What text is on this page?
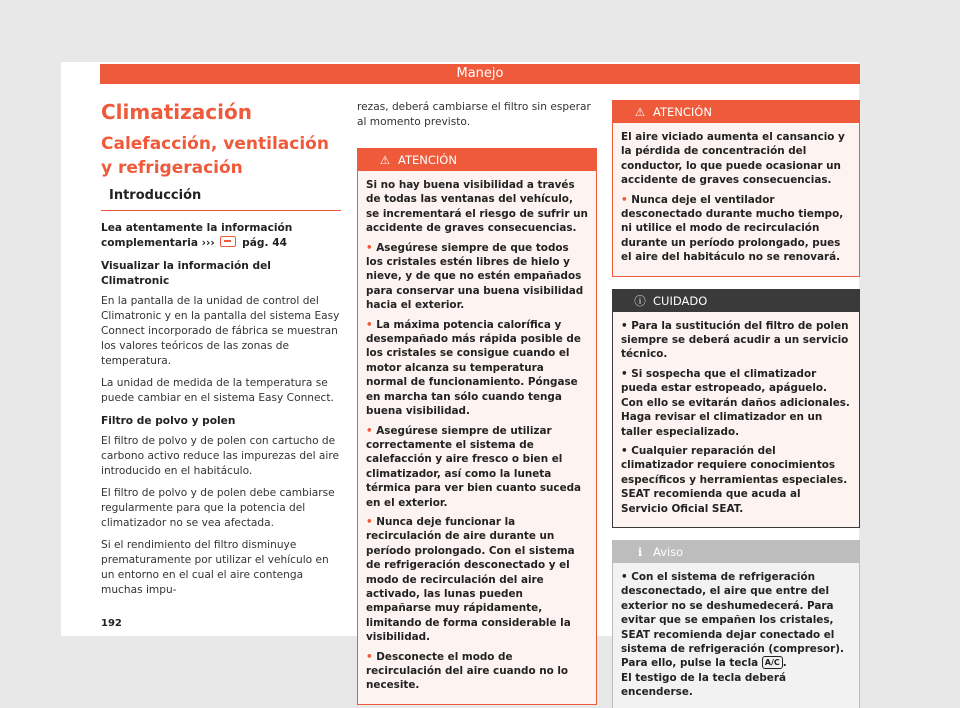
Manejo
Climatización
Calefacción, ventilación y refrigeración
Introducción
Lea atentamente la información complementaria ›››	pág. 44
Visualizar la información del Climatronic
En la pantalla de la unidad de control del Climatronic y en la pantalla del sistema Easy Connect incorporado de fábrica se muestran los valores teóricos de las zonas de temperatura.
La unidad de medida de la temperatura se puede cambiar en el sistema Easy Connect.
Filtro de polvo y polen
El filtro de polvo y de polen con cartucho de carbono activo reduce las impurezas del aire introducido en el habitáculo.
El filtro de polvo y de polen debe cambiarse regularmente para que la potencia del climatizador no se vea afectada.
Si el rendimiento del filtro disminuye prematuramente por utilizar el vehículo en un entorno en el cual el aire contenga muchas impu-
rezas, deberá cambiarse el filtro sin esperar al momento previsto.
⚠ ATENCIÓN
Si no hay buena visibilidad a través de todas las ventanas del vehículo, se incrementará el riesgo de sufrir un accidente de graves consecuencias.
• Asegúrese siempre de que todos los cristales estén libres de hielo y nieve, y de que no estén empañados para conservar una buena visibilidad hacia el exterior.
• La máxima potencia calorífica y desempañado más rápida posible de los cristales se consigue cuando el motor alcanza su temperatura normal de funcionamiento. Póngase en marcha tan sólo cuando tenga buena visibilidad.
• Asegúrese siempre de utilizar correctamente el sistema de calefacción y aire fresco o bien el climatizador, así como la luneta térmica para ver bien cuanto suceda en el exterior.
• Nunca deje funcionar la recirculación de aire durante un período prolongado. Con el sistema de refrigeración desconectado y el modo de recirculación del aire activado, las lunas pueden empañarse muy rápidamente, limitando de forma considerable la visibilidad.
• Desconecte el modo de recirculación del aire cuando no lo necesite.
⚠ ATENCIÓN
El aire viciado aumenta el cansancio y la pérdida de concentración del conductor, lo que puede ocasionar un accidente de graves consecuencias.
• Nunca deje el ventilador desconectado durante mucho tiempo, ni utilice el modo de recirculación durante un período prolongado, pues el aire del habitáculo no se renovará.
ⓘ CUIDADO
• Para la sustitución del filtro de polen siempre se deberá acudir a un servicio técnico.
• Si sospecha que el climatizador pueda estar estropeado, apáguelo. Con ello se evitarán daños adicionales. Haga revisar el climatizador en un taller especializado.
• Cualquier reparación del climatizador requiere conocimientos específicos y herramientas especiales. SEAT recomienda que acuda al Servicio Oficial SEAT.
ℹ Aviso
• Con el sistema de refrigeración desconectado, el aire que entre del exterior no se deshumedecerá. Para evitar que se empañen los cristales, SEAT recomienda dejar conectado el sistema de refrigeración (compresor). Para ello, pulse la tecla A/C .
El testigo de la tecla deberá encenderse.
192
